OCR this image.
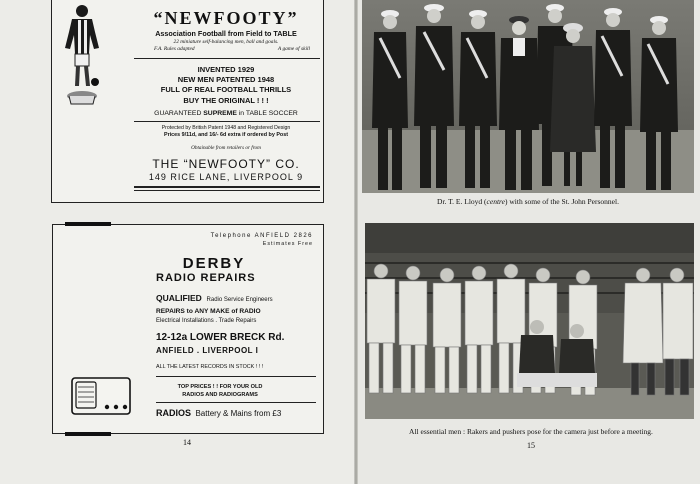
“NEWFOOTY”
Association Football from Field to TABLE
22 miniature self-balancing men, ball and goals.
F.A. Rules adapted	A game of skill
INVENTED 1929
NEW MEN PATENTED 1948
FULL OF REAL FOOTBALL THRILLS
BUY THE ORIGINAL ! ! !
GUARANTEED SUPREME in TABLE SOCCER
Protected by British Patent 1948 and Registered Design
Prices 9/11d, and 16/- 6d extra if ordered by Post
Obtainable from retailers or from
THE “NEWFOOTY” CO.
149 RICE LANE, LIVERPOOL 9
Telephone ANFIELD 2826
Estimates Free
DERBY
RADIO REPAIRS
QUALIFIED Radio Service Engineers
REPAIRS to ANY MAKE of RADIO
Electrical Installations . Trade Repairs
12-12a LOWER BRECK Rd.
ANFIELD . LIVERPOOL I
ALL THE LATEST RECORDS IN STOCK ! ! !
TOP PRICES ! ! FOR YOUR OLD
RADIOS AND RADIOGRAMS
RADIOS Battery & Mains from £3
14
Dr. T. E. Lloyd (centre) with some of the St. John Personnel.
All essential men : Rakers and pushers pose for the camera just before a meeting.
15
